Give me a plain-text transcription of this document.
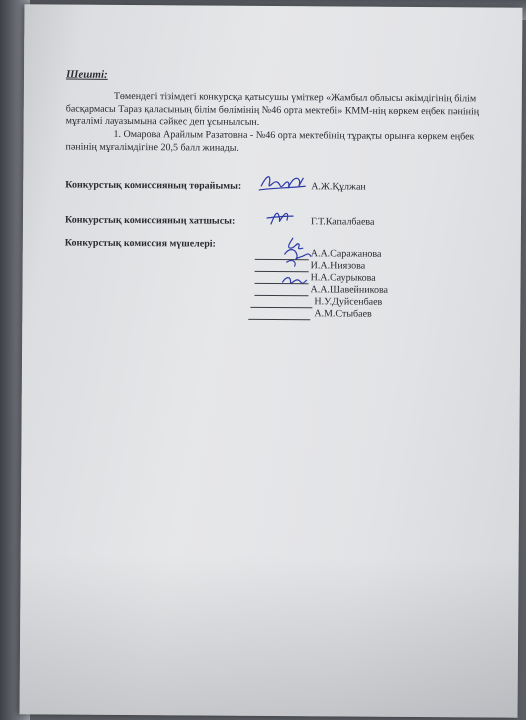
Шешті:
Төмендегі тізімдегі конкурсқа қатысушы үміткер «Жамбыл облысы әкімдігінің білім басқармасы Тараз қаласының білім бөлімінің №46 орта мектебі» КММ-нің көркем еңбек пәнінің мұғалімі лауазымына сәйкес деп ұсынылсын.
1. Омарова Арайлым Разатовна - №46 орта мектебінің тұрақты орынға көркем еңбек пәнінің мұғалімдігіне 20,5 балл жинады.
Конкурстық комиссияның төрайымы:	А.Ж.Құлжан
Конкурстық комиссияның хатшысы:	Г.Т.Капалбаева
Конкурстық комиссия мүшелері:
А.А.Саражанова
И.А.Ниязова
Н.А.Саурыкова
А.А.Шавейникова
Н.У.Дуйсенбаев
А.М.Стыбаев
